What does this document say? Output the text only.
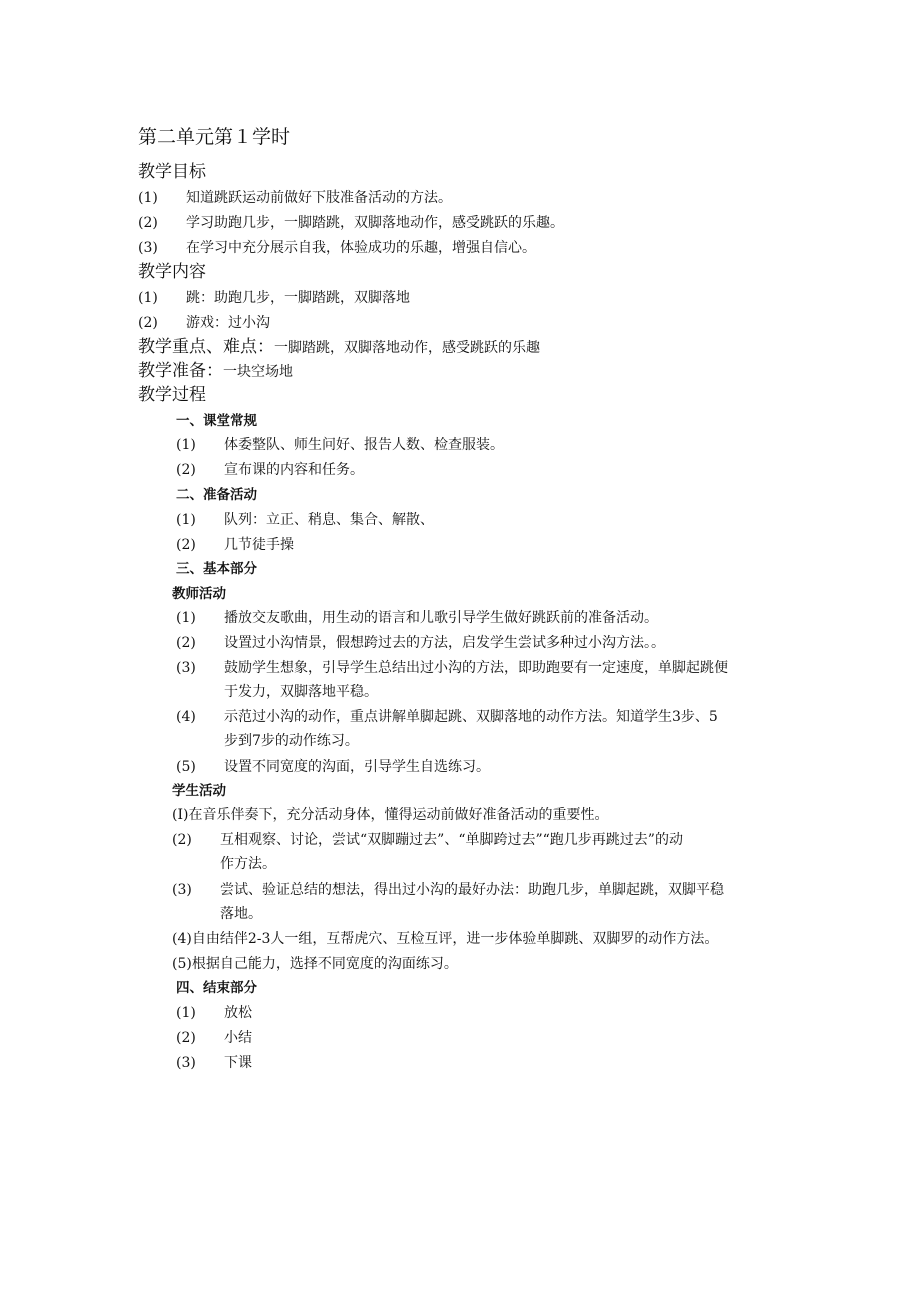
第二单元第１学时
教学目标
(1) 知道跳跃运动前做好下肢准备活动的方法。
(2) 学习助跑几步，一脚踏跳，双脚落地动作，感受跳跃的乐趣。
(3) 在学习中充分展示自我，体验成功的乐趣，增强自信心。
教学内容
(1) 跳：助跑几步，一脚踏跳，双脚落地
(2) 游戏：过小沟
教学重点、难点：一脚踏跳，双脚落地动作，感受跳跃的乐趣
教学准备：一块空场地
教学过程
一、课堂常规
(1) 体委整队、师生问好、报告人数、检查服装。
(2) 宣布课的内容和任务。
二、准备活动
(1) 队列：立正、稍息、集合、解散、
(2) 几节徒手操
三、基本部分
教师活动
(1) 播放交友歌曲，用生动的语言和儿歌引导学生做好跳跃前的准备活动。
(2) 设置过小沟情景，假想跨过去的方法，启发学生尝试多种过小沟方法。。
(3) 鼓励学生想象，引导学生总结出过小沟的方法，即助跑要有一定速度，单脚起跳便
于发力，双脚落地平稳。
(4) 示范过小沟的动作，重点讲解单脚起跳、双脚落地的动作方法。知道学生3步、5
步到7步的动作练习。
(5) 设置不同宽度的沟面，引导学生自选练习。
学生活动
(I)在音乐伴奏下，充分活动身体，懂得运动前做好准备活动的重要性。
(2) 互相观察、讨论，尝试“双脚蹦过去”、“单脚跨过去”“跑几步再跳过去”的动
作方法。
(3) 尝试、验证总结的想法，得出过小沟的最好办法：助跑几步，单脚起跳，双脚平稳
落地。
(4)自由结伴2-3人一组，互帮虎穴、互检互评，进一步体验单脚跳、双脚罗的动作方法。
(5)根据自己能力，选择不同宽度的沟面练习。
四、结束部分
(1) 放松
(2) 小结
(3) 下课
